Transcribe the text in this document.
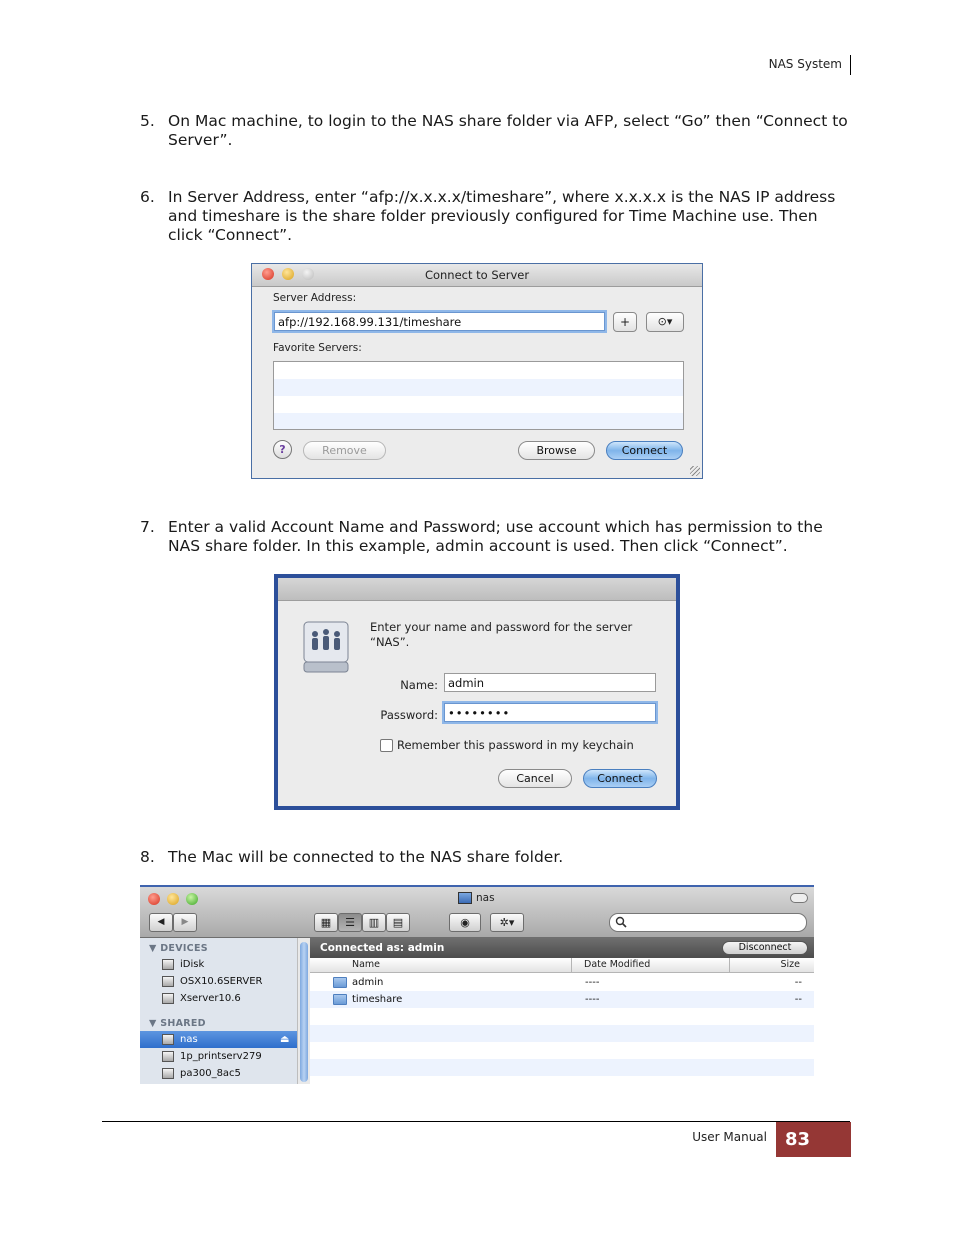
NAS System
5. On Mac machine, to login to the NAS share folder via AFP, select “Go” then “Connect to Server”.
6. In Server Address, enter “afp://x.x.x.x/timeshare”, where x.x.x.x is the NAS IP address and timeshare is the share folder previously configured for Time Machine use. Then click “Connect”.
Connect to Server
Server Address:
afp://192.168.99.131/timeshare	+	⊙▾
Favorite Servers:
?	Remove	Browse	Connect
7. Enter a valid Account Name and Password; use account which has permission to the NAS share folder. In this example, admin account is used. Then click “Connect”.
Enter your name and password for the server “NAS”.
Name: admin
Password: ••••••••
Remember this password in my keychain
Cancel	Connect
8. The Mac will be connected to the NAS share folder.
nas
◀	▶	▦	☰	▥	▤	◉	✲▾
▼ DEVICES
iDisk
OSX10.6SERVER
Xserver10.6
▼ SHARED
nas	⏏
1p_printserv279
pa300_8ac5
Connected as: admin	Disconnect
Name	Date Modified	Size
admin	----	--
timeshare	----	--
User Manual	83
